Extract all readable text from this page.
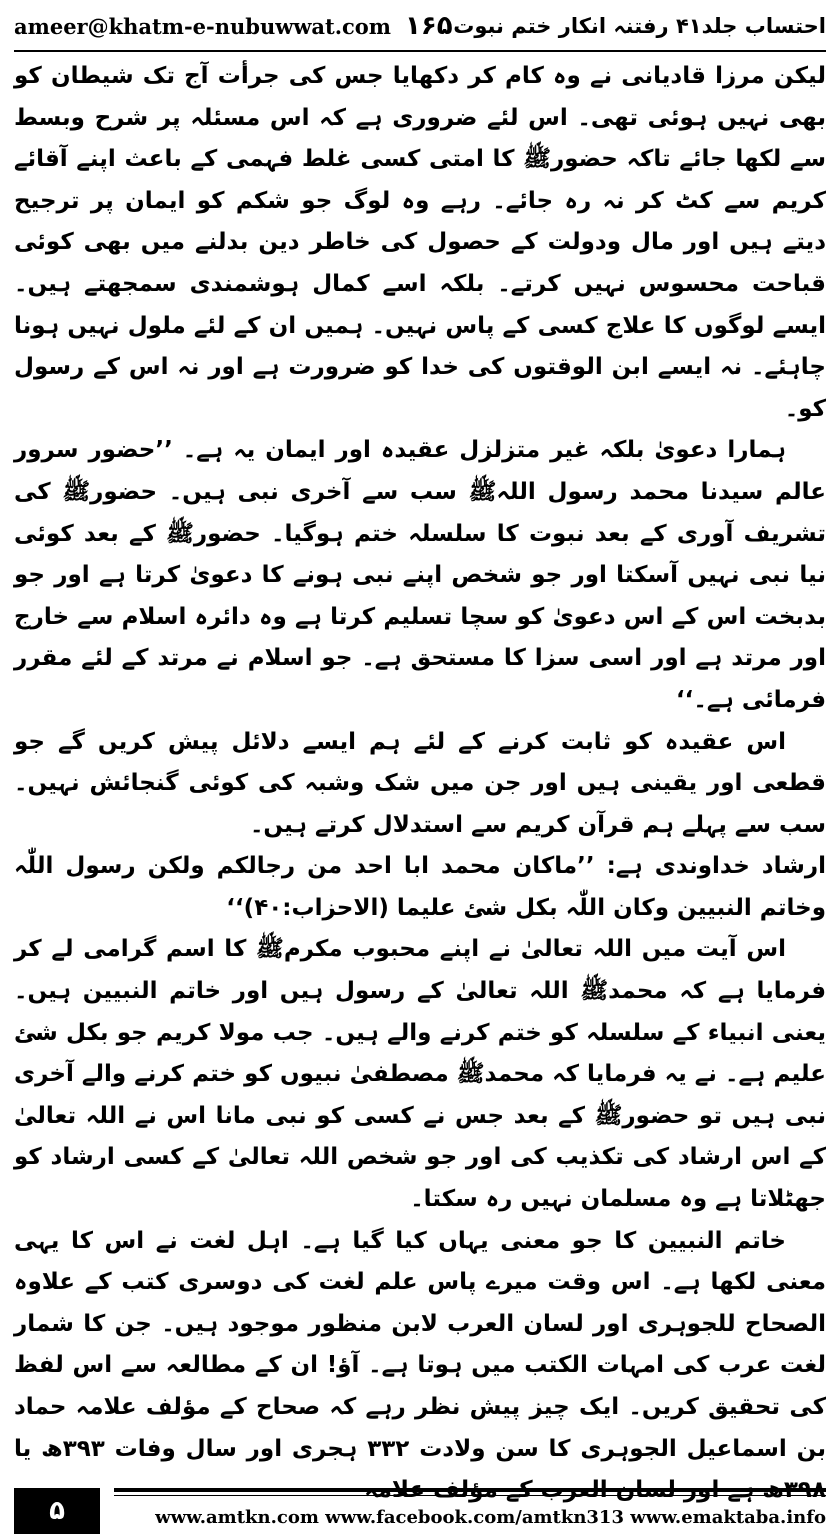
ameer@khatm-e-nubuwwat.com ۱۶۵ احتساب جلد۴۱ رفتنہ انکار ختم نبوت

لیکن مرزا قادیانی نے وہ کام کر دکھایا جس کی جرأت آج تک شیطان کو بھی نہیں ہوئی تھی۔ اس لئے ضروری ہے کہ اس مسئلہ پر شرح وبسط سے لکھا جائے تاکہ حضورﷺ کا امتی کسی غلط فہمی کے باعث اپنے آقائے کریم سے کٹ کر نہ رہ جائے۔ رہے وہ لوگ جو شکم کو ایمان پر ترجیح دیتے ہیں اور مال ودولت کے حصول کی خاطر دین بدلنے میں بھی کوئی قباحت محسوس نہیں کرتے۔ بلکہ اسے کمال ہوشمندی سمجھتے ہیں۔ ایسے لوگوں کا علاج کسی کے پاس نہیں۔ ہمیں ان کے لئے ملول نہیں ہونا چاہئے۔ نہ ایسے ابن الوقتوں کی خدا کو ضرورت ہے اور نہ اس کے رسول کو۔

ہمارا دعویٰ بلکہ غیر متزلزل عقیدہ اور ایمان یہ ہے۔ ’’حضور سرور عالم سیدنا محمد رسول اللہﷺ سب سے آخری نبی ہیں۔ حضورﷺ کی تشریف آوری کے بعد نبوت کا سلسلہ ختم ہوگیا۔ حضورﷺ کے بعد کوئی نیا نبی نہیں آسکتا اور جو شخص اپنے نبی ہونے کا دعویٰ کرتا ہے اور جو بدبخت اس کے اس دعویٰ کو سچا تسلیم کرتا ہے وہ دائرہ اسلام سے خارج اور مرتد ہے اور اسی سزا کا مستحق ہے۔ جو اسلام نے مرتد کے لئے مقرر فرمائی ہے۔‘‘

اس عقیدہ کو ثابت کرنے کے لئے ہم ایسے دلائل پیش کریں گے جو قطعی اور یقینی ہیں اور جن میں شک وشبہ کی کوئی گنجائش نہیں۔ سب سے پہلے ہم قرآن کریم سے استدلال کرتے ہیں۔

ارشاد خداوندی ہے: ’’ماکان محمد ابا احد من رجالکم ولکن رسول اللّٰہ وخاتم النبیین وکان اللّٰہ بکل شئ علیما (الاحزاب:۴۰)‘‘

اس آیت میں اللہ تعالیٰ نے اپنے محبوب مکرمﷺ کا اسم گرامی لے کر فرمایا ہے کہ محمدﷺ اللہ تعالیٰ کے رسول ہیں اور خاتم النبیین ہیں۔ یعنی انبیاء کے سلسلہ کو ختم کرنے والے ہیں۔ جب مولا کریم جو بکل شئ علیم ہے۔ نے یہ فرمایا کہ محمدﷺ مصطفیٰ نبیوں کو ختم کرنے والے آخری نبی ہیں تو حضورﷺ کے بعد جس نے کسی کو نبی مانا اس نے اللہ تعالیٰ کے اس ارشاد کی تکذیب کی اور جو شخص اللہ تعالیٰ کے کسی ارشاد کو جھٹلاتا ہے وہ مسلمان نہیں رہ سکتا۔

خاتم النبیین کا جو معنی یہاں کیا گیا ہے۔ اہل لغت نے اس کا یہی معنی لکھا ہے۔ اس وقت میرے پاس علم لغت کی دوسری کتب کے علاوہ الصحاح للجوہری اور لسان العرب لابن منظور موجود ہیں۔ جن کا شمار لغت عرب کی امہات الکتب میں ہوتا ہے۔ آؤ! ان کے مطالعہ سے اس لفظ کی تحقیق کریں۔ ایک چیز پیش نظر رہے کہ صحاح کے مؤلف علامہ حماد بن اسماعیل الجوہری کا سن ولادت ۳۳۲ ہجری اور سال وفات ۳۹۳ھ یا ۳۹۸ھ ہے اور لسان العرب کے مؤلف علامہ

۵	www.amtkn.com www.facebook.com/amtkn313 www.emaktaba.info
